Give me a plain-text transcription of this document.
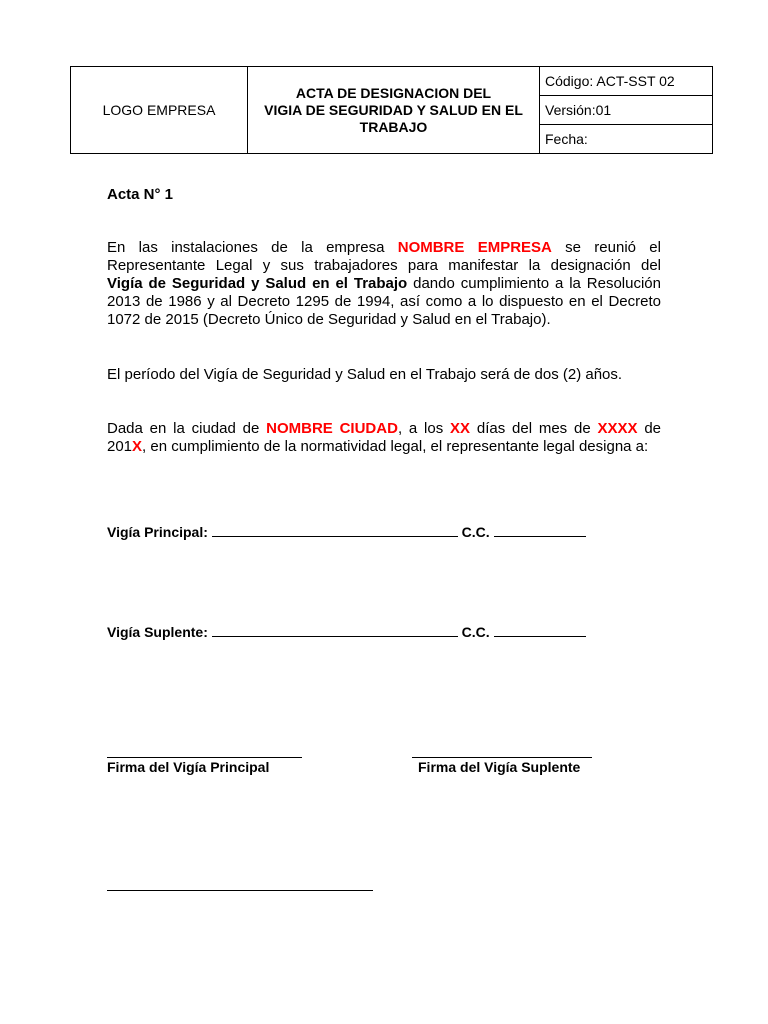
LOGO EMPRESA	
ACTA DE DESIGNACION DEL
VIGIA DE SEGURIDAD Y SALUD EN EL
TRABAJO
	Código: ACT-SST 02
Versión:01
Fecha:
Acta N° 1
En las instalaciones de la empresa NOMBRE EMPRESA se reunió el
Representante Legal y sus trabajadores para manifestar la designación del
Vigía de Seguridad y Salud en el Trabajo dando cumplimiento a la Resolución
2013 de 1986 y al Decreto 1295 de 1994, así como a lo dispuesto en el Decreto
1072 de 2015 (Decreto Único de Seguridad y Salud en el Trabajo).
El período del Vigía de Seguridad y Salud en el Trabajo será de dos (2) años.
Dada en la ciudad de NOMBRE CIUDAD, a los XX días del mes de XXXX de
201X, en cumplimiento de la normatividad legal, el representante legal designa a:
Vigía Principal:	C.C.
Vigía Suplente:	C.C.
Firma del Vigía Principal	Firma del Vigía Suplente
